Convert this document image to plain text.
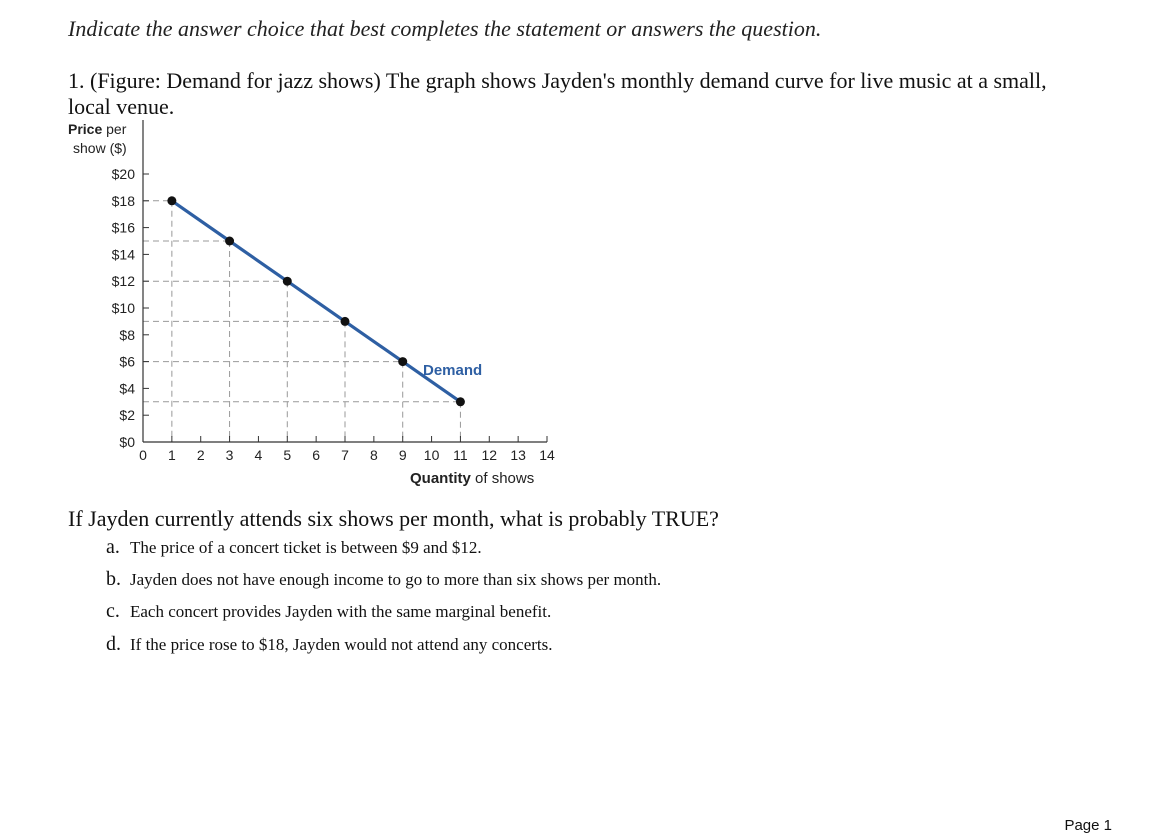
Indicate the answer choice that best completes the statement or answers the question.
1. (Figure: Demand for jazz shows) The graph shows Jayden's monthly demand curve for live music at a small,
local venue.
Price per
show ($)
$0
$2
$4
$6
$8
$10
$12
$14
$16
$18
$20
0 1 2 3 4 5 6 7 8 9 10 11 12 13 14
Demand
Quantity of shows
If Jayden currently attends six shows per month, what is probably TRUE?
a. The price of a concert ticket is between $9 and $12.
b. Jayden does not have enough income to go to more than six shows per month.
c. Each concert provides Jayden with the same marginal benefit.
d. If the price rose to $18, Jayden would not attend any concerts.
Page 1
